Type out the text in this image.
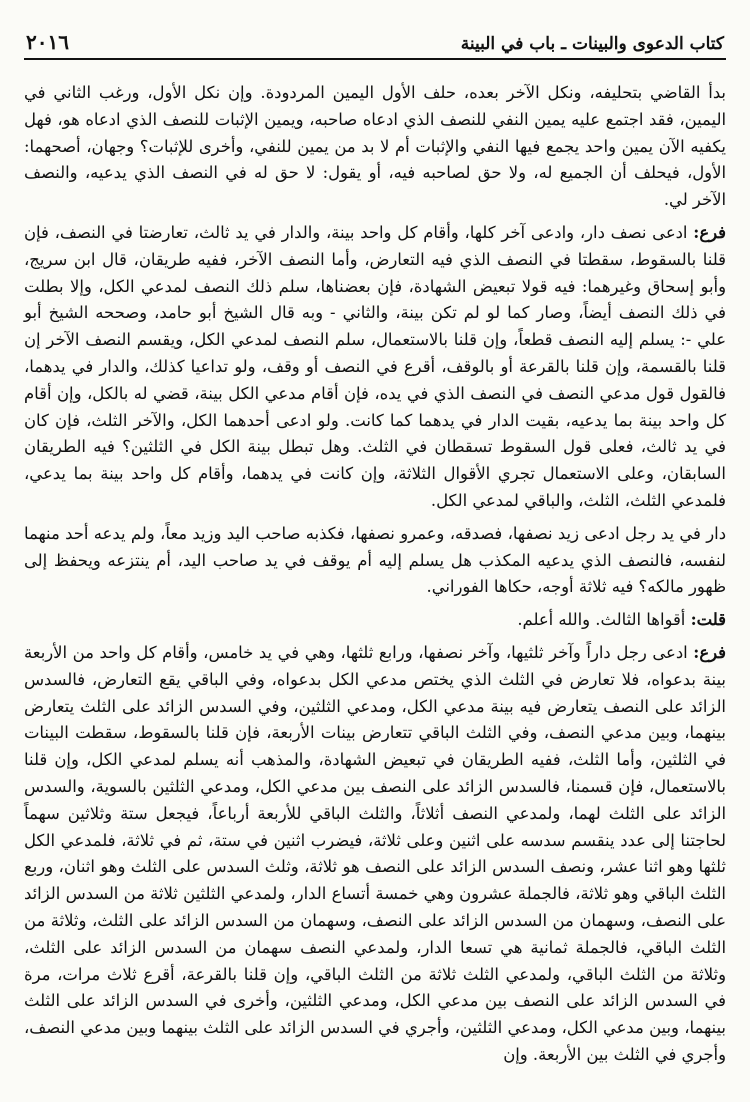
كتاب الدعوى والبينات ـ باب في البينة
٢٠١٦

بدأ القاضي بتحليفه، ونكل الآخر بعده، حلف الأول اليمين المردودة. وإن نكل الأول، ورغب الثاني في اليمين، فقد اجتمع عليه يمين النفي للنصف الذي ادعاه صاحبه، ويمين الإثبات للنصف الذي ادعاه هو، فهل يكفيه الآن يمين واحد يجمع فيها النفي والإثبات أم لا بد من يمين للنفي، وأخرى للإثبات؟ وجهان، أصحهما: الأول، فيحلف أن الجميع له، ولا حق لصاحبه فيه، أو يقول: لا حق له في النصف الذي يدعيه، والنصف الآخر لي.

فرع: ادعى نصف دار، وادعى آخر كلها، وأقام كل واحد بينة، والدار في يد ثالث، تعارضتا في النصف، فإن قلنا بالسقوط، سقطتا في النصف الذي فيه التعارض، وأما النصف الآخر، ففيه طريقان، قال ابن سريج، وأبو إسحاق وغيرهما: فيه قولا تبعيض الشهادة، فإن بعضناها، سلم ذلك النصف لمدعي الكل، وإلا بطلت في ذلك النصف أيضاً، وصار كما لو لم تكن بينة، والثاني - وبه قال الشيخ أبو حامد، وصححه الشيخ أبو علي -: يسلم إليه النصف قطعاً، وإن قلنا بالاستعمال، سلم النصف لمدعي الكل، ويقسم النصف الآخر إن قلنا بالقسمة، وإن قلنا بالقرعة أو بالوقف، أقرع في النصف أو وقف، ولو تداعيا كذلك، والدار في يدهما، فالقول قول مدعي النصف في النصف الذي في يده، فإن أقام مدعي الكل بينة، قضي له بالكل، وإن أقام كل واحد بينة بما يدعيه، بقيت الدار في يدهما كما كانت. ولو ادعى أحدهما الكل، والآخر الثلث، فإن كان في يد ثالث، فعلى قول السقوط تسقطان في الثلث. وهل تبطل بينة الكل في الثلثين؟ فيه الطريقان السابقان، وعلى الاستعمال تجري الأقوال الثلاثة، وإن كانت في يدهما، وأقام كل واحد بينة بما يدعي، فلمدعي الثلث، الثلث، والباقي لمدعي الكل.

دار في يد رجل ادعى زيد نصفها، فصدقه، وعمرو نصفها، فكذبه صاحب اليد وزيد معاً، ولم يدعه أحد منهما لنفسه، فالنصف الذي يدعيه المكذب هل يسلم إليه أم يوقف في يد صاحب اليد، أم ينتزعه ويحفظ إلى ظهور مالكه؟ فيه ثلاثة أوجه، حكاها الفوراني.

قلت: أقواها الثالث. والله أعلم.

فرع: ادعى رجل داراً وآخر ثلثيها، وآخر نصفها، ورابع ثلثها، وهي في يد خامس، وأقام كل واحد من الأربعة بينة بدعواه، فلا تعارض في الثلث الذي يختص مدعي الكل بدعواه، وفي الباقي يقع التعارض، فالسدس الزائد على النصف يتعارض فيه بينة مدعي الكل، ومدعي الثلثين، وفي السدس الزائد على الثلث يتعارض بينهما، وبين مدعي النصف، وفي الثلث الباقي تتعارض بينات الأربعة، فإن قلنا بالسقوط، سقطت البينات في الثلثين، وأما الثلث، ففيه الطريقان في تبعيض الشهادة، والمذهب أنه يسلم لمدعي الكل، وإن قلنا بالاستعمال، فإن قسمنا، فالسدس الزائد على النصف بين مدعي الكل، ومدعي الثلثين بالسوية، والسدس الزائد على الثلث لهما، ولمدعي النصف أثلاثاً، والثلث الباقي للأربعة أرباعاً، فيجعل ستة وثلاثين سهماً لحاجتنا إلى عدد ينقسم سدسه على اثنين وعلى ثلاثة، فيضرب اثنين في ستة، ثم في ثلاثة، فلمدعي الكل ثلثها وهو اثنا عشر، ونصف السدس الزائد على النصف هو ثلاثة، وثلث السدس على الثلث وهو اثنان، وربع الثلث الباقي وهو ثلاثة، فالجملة عشرون وهي خمسة أتساع الدار، ولمدعي الثلثين ثلاثة من السدس الزائد على النصف، وسهمان من السدس الزائد على النصف، وسهمان من السدس الزائد على الثلث، وثلاثة من الثلث الباقي، فالجملة ثمانية هي تسعا الدار، ولمدعي النصف سهمان من السدس الزائد على الثلث، وثلاثة من الثلث الباقي، ولمدعي الثلث ثلاثة من الثلث الباقي، وإن قلنا بالقرعة، أقرع ثلاث مرات، مرة في السدس الزائد على النصف بين مدعي الكل، ومدعي الثلثين، وأخرى في السدس الزائد على الثلث بينهما، وبين مدعي الكل، ومدعي الثلثين، وأجري في السدس الزائد على الثلث بينهما وبين مدعي النصف، وأجري في الثلث بين الأربعة. وإن
